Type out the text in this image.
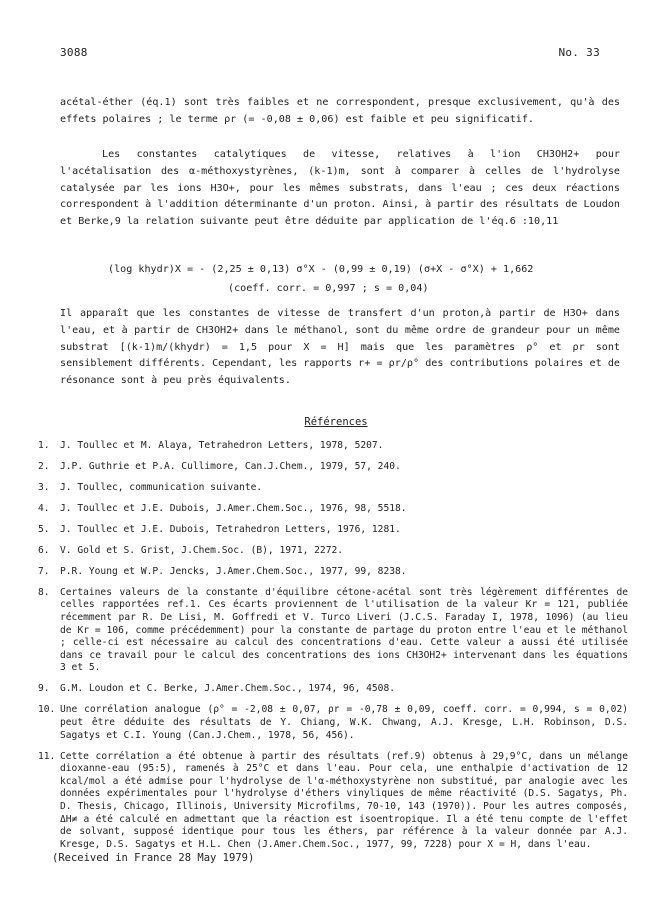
3088	No. 33
acétal-éther (éq.1) sont très faibles et ne correspondent, presque exclusivement, qu'à des effets polaires ; le terme ρr (= -0,08 ± 0,06) est faible et peu significatif.
Les constantes catalytiques de vitesse, relatives à l'ion CH3OH2+ pour l'acétalisation des α-méthoxystyrènes, (k-1)m, sont à comparer à celles de l'hydrolyse catalysée par les ions H3O+, pour les mêmes substrats, dans l'eau ; ces deux réactions correspondent à l'addition déterminante d'un proton. Ainsi, à partir des résultats de Loudon et Berke,9 la relation suivante peut être déduite par application de l'éq.6 :10,11
(log khydr)X = - (2,25 ± 0,13) σ°X - (0,99 ± 0,19) (σ+X - σ°X) + 1,662
(coeff. corr. = 0,997 ; s = 0,04)
Il apparaît que les constantes de vitesse de transfert d'un proton,à partir de H3O+ dans l'eau, et à partir de CH3OH2+ dans le méthanol, sont du même ordre de grandeur pour un même substrat [(k-1)m/(khydr) = 1,5 pour X = H] mais que les paramètres ρ° et ρr sont sensiblement différents. Cependant, les rapports r+ = ρr/ρ° des contributions polaires et de résonance sont à peu près équivalents.
Références
1.	J. Toullec et M. Alaya, Tetrahedron Letters, 1978, 5207.
2.	J.P. Guthrie et P.A. Cullimore, Can.J.Chem., 1979, 57, 240.
3.	J. Toullec, communication suivante.
4.	J. Toullec et J.E. Dubois, J.Amer.Chem.Soc., 1976, 98, 5518.
5.	J. Toullec et J.E. Dubois, Tetrahedron Letters, 1976, 1281.
6.	V. Gold et S. Grist, J.Chem.Soc. (B), 1971, 2272.
7.	P.R. Young et W.P. Jencks, J.Amer.Chem.Soc., 1977, 99, 8238.
8.	Certaines valeurs de la constante d'équilibre cétone-acétal sont très légèrement différentes de celles rapportées ref.1. Ces écarts proviennent de l'utilisation de la valeur Kr = 121, publiée récemment par R. De Lisi, M. Goffredi et V. Turco Liveri (J.C.S. Faraday I, 1978, 1096) (au lieu de Kr = 106, comme précédemment) pour la constante de partage du proton entre l'eau et le méthanol ; celle-ci est nécessaire au calcul des concentrations d'eau. Cette valeur a aussi été utilisée dans ce travail pour le calcul des concentrations des ions CH3OH2+ intervenant dans les équations 3 et 5.
9.	G.M. Loudon et C. Berke, J.Amer.Chem.Soc., 1974, 96, 4508.
10. Une corrélation analogue (ρ° = -2,08 ± 0,07, ρr = -0,78 ± 0,09, coeff. corr. = 0,994, s = 0,02) peut être déduite des résultats de Y. Chiang, W.K. Chwang, A.J. Kresge, L.H. Robinson, D.S. Sagatys et C.I. Young (Can.J.Chem., 1978, 56, 456).
11. Cette corrélation a été obtenue à partir des résultats (ref.9) obtenus à 29,9°C, dans un mélange dioxanne-eau (95:5), ramenés à 25°C et dans l'eau. Pour cela, une enthalpie d'activation de 12 kcal/mol a été admise pour l'hydrolyse de l'α-méthoxystyrène non substitué, par analogie avec les données expérimentales pour l'hydrolyse d'éthers vinyliques de même réactivité (D.S. Sagatys, Ph. D. Thesis, Chicago, Illinois, University Microfilms, 70-10, 143 (1970)). Pour les autres composés, ΔH≠ a été calculé en admettant que la réaction est isoentropique. Il a été tenu compte de l'effet de solvant, supposé identique pour tous les éthers, par référence à la valeur donnée par A.J. Kresge, D.S. Sagatys et H.L. Chen (J.Amer.Chem.Soc., 1977, 99, 7228) pour X = H, dans l'eau.
(Received in France 28 May 1979)
